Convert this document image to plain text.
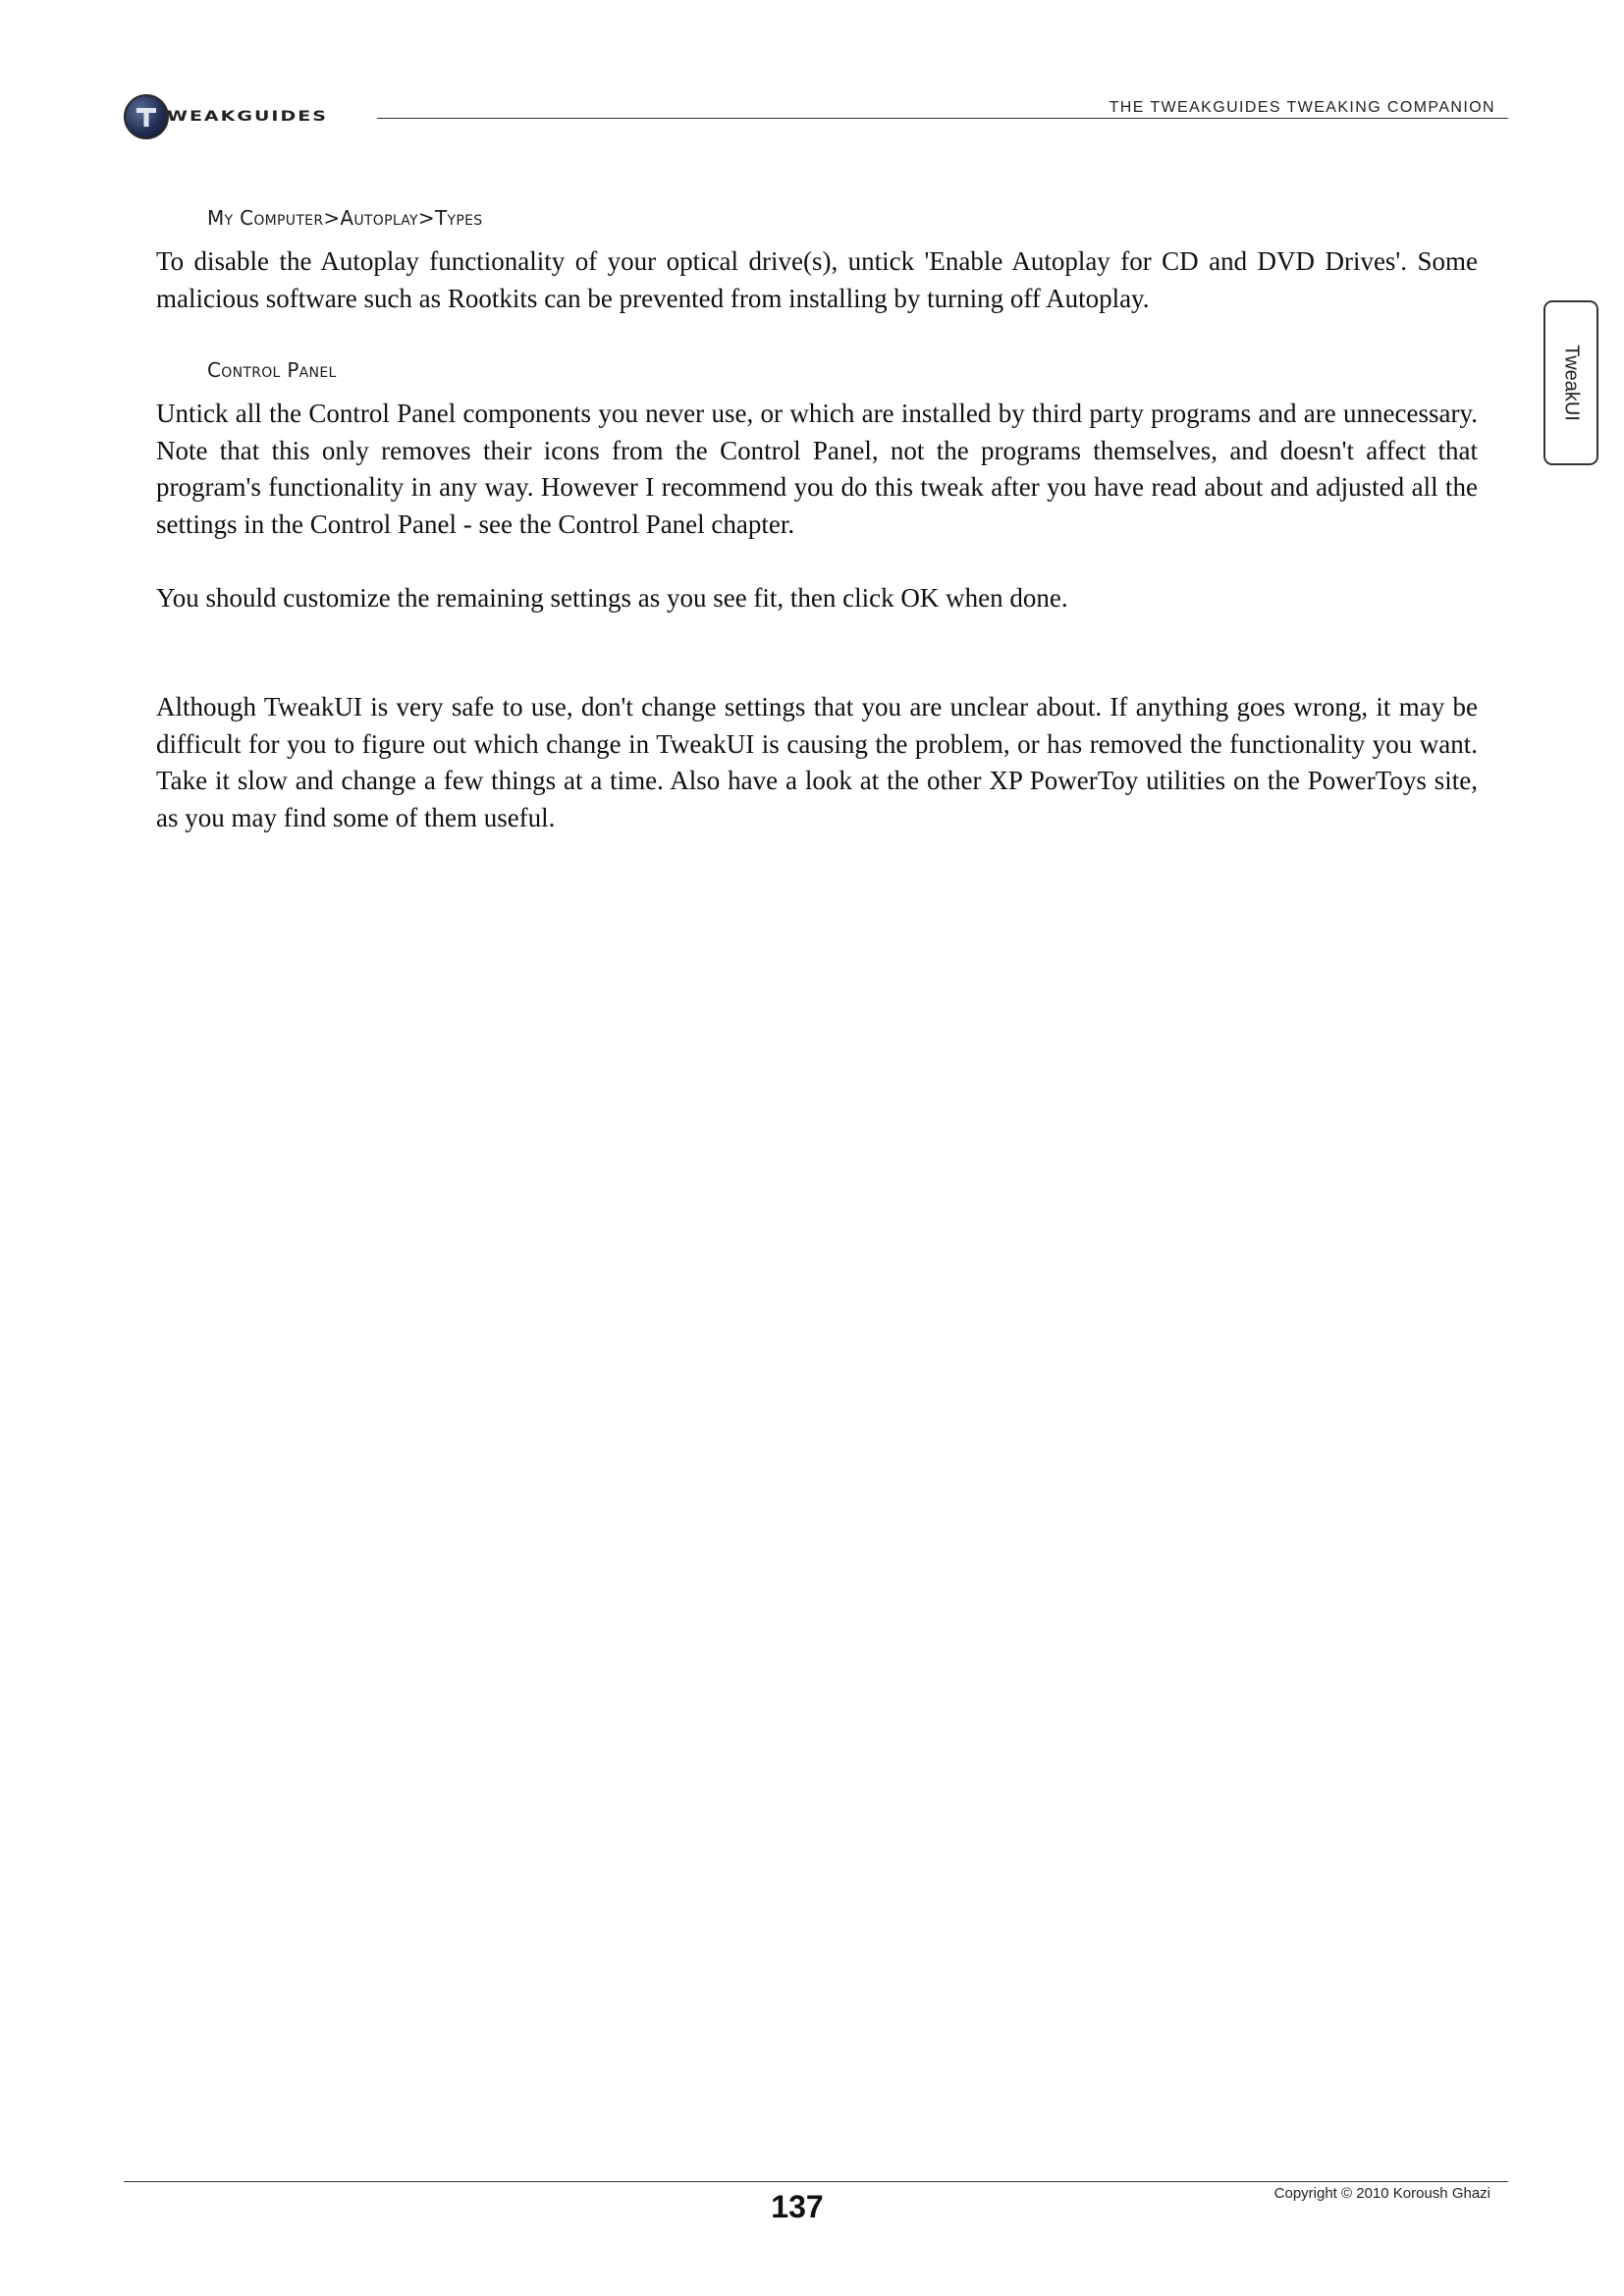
WEAKGUIDES
THE TWEAKGUIDES TWEAKING COMPANION
TweakUI
My Computer>Autoplay>Types

To disable the Autoplay functionality of your optical drive(s), untick 'Enable Autoplay for CD and DVD Drives'. Some malicious software such as Rootkits can be prevented from installing by turning off Autoplay.

Control Panel

Untick all the Control Panel components you never use, or which are installed by third party programs and are unnecessary. Note that this only removes their icons from the Control Panel, not the programs themselves, and doesn't affect that program's functionality in any way. However I recommend you do this tweak after you have read about and adjusted all the settings in the Control Panel - see the Control Panel chapter.

You should customize the remaining settings as you see fit, then click OK when done.

Although TweakUI is very safe to use, don't change settings that you are unclear about. If anything goes wrong, it may be difficult for you to figure out which change in TweakUI is causing the problem, or has removed the functionality you want. Take it slow and change a few things at a time. Also have a look at the other XP PowerToy utilities on the PowerToys site, as you may find some of them useful.

137	Copyright © 2010 Koroush Ghazi
